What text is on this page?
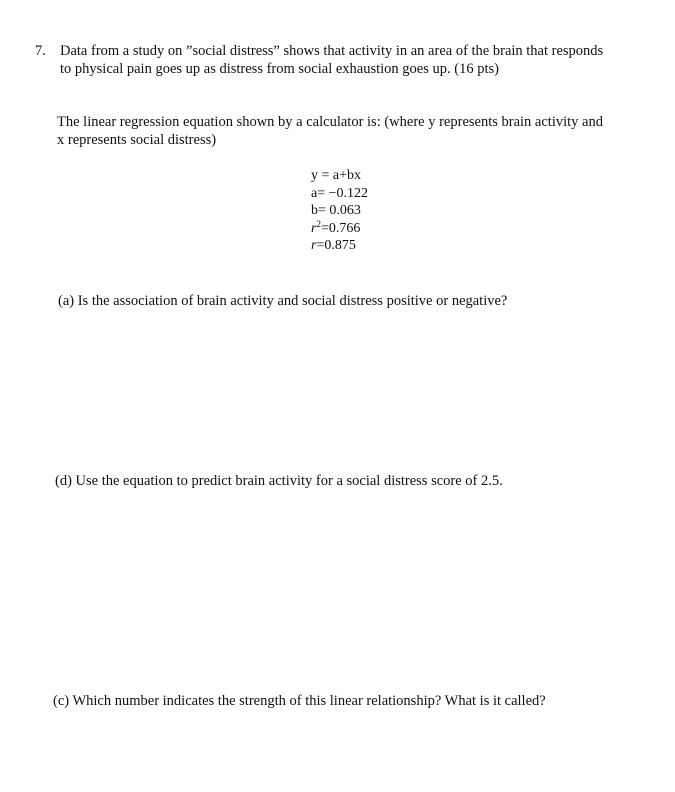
7. Data from a study on ”social distress” shows that activity in an area of the brain that responds
to physical pain goes up as distress from social exhaustion goes up. (16 pts)
The linear regression equation shown by a calculator is: (where y represents brain activity and
x represents social distress)
y = a+bx
a= −0.122
b= 0.063
$r^2=0.766$
r=0.875
(a) Is the association of brain activity and social distress positive or negative?
(d) Use the equation to predict brain activity for a social distress score of 2.5.
(c) Which number indicates the strength of this linear relationship? What is it called?
